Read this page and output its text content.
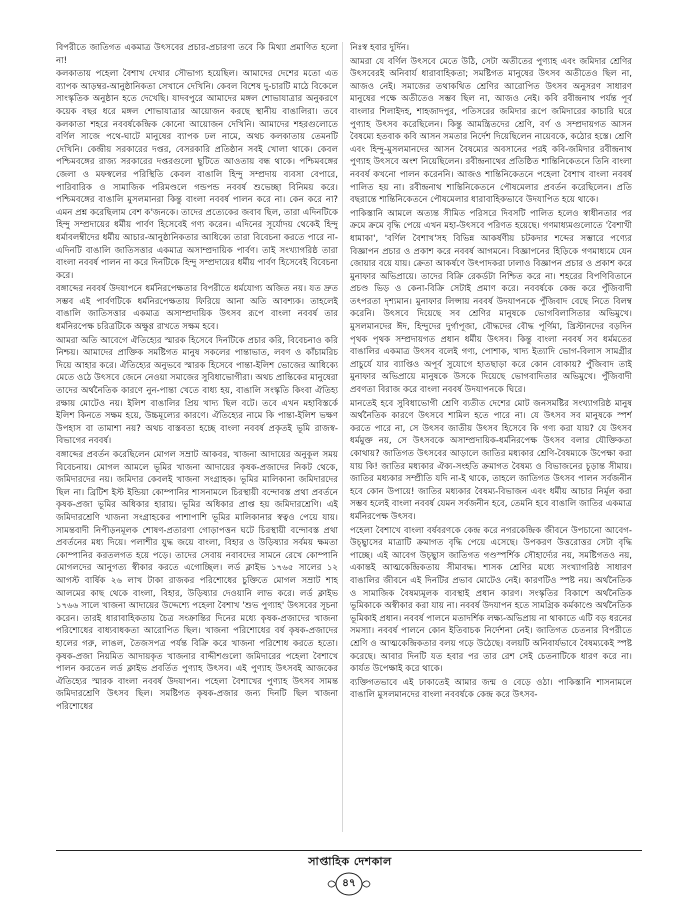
বিপরীতে জাতিগত একমাত্র উৎসবের প্রচার-প্রচারণা তবে কি মিথ্যা প্রমাণিত হলো না!

কলকাতায় পহেলা বৈশাখ দেখার সৌভাগ্য হয়েছিল। আমাদের দেশের মতো এত ব্যাপক আড়ম্বর-আনুষ্ঠানিকতা সেখানে দেখিনি। কেবল বিশেষ দু-চারটি মাঠে বিকেলে সাংস্কৃতিক অনুষ্ঠান হতে দেখেছি। যাদবপুরে আমাদের মঙ্গল শোভাযাত্রার অনুকরণে কয়েক বছর ধরে মঙ্গল শোভাযাত্রার আয়োজন করছে স্থানীয় বাঙালিরা। তবে কলকাতা শহরে নববর্ষকেন্দ্রিক কোনো আয়োজন দেখিনি। আমাদের শহরগুলোতে বর্ণিল সাজে পথে-ঘাটে মানুষের ব্যাপক ঢল নামে, অথচ কলকাতায় তেমনটি দেখিনি। কেন্দ্রীয় সরকারের দপ্তর, বেসরকারি প্রতিষ্ঠান সবই খোলা থাকে। কেবল পশ্চিমবঙ্গের রাজ্য সরকারের দপ্তরগুলো ছুটিতে আওতায় বন্ধ থাকে। পশ্চিমবঙ্গের জেলা ও মফস্বলের পরিস্থিতি কেবল বাঙালি হিন্দু সম্প্রদায় ব্যবসা বেপারে, পারিবারিক ও সামাজিক পরিমণ্ডলে গন্ডপন্ড নববর্ষ শুভেচ্ছা বিনিময় করে। পশ্চিমবঙ্গের বাঙালি মুসলমানরা কিন্তু বাংলা নববর্ষ পালন করে না। কেন করে না? এমন প্রশ্ন করেছিলাম বেশ ক'জনকে। তাদের প্রত্যেকের জবাব ছিল, তারা এদিনটিকে হিন্দু সম্প্রদায়ের ধর্মীয় পার্বণ হিসেবেই গণ্য করেন। এদিনের সূর্যোদয় থেকেই হিন্দু ধর্মাবলম্বীদের ধর্মীয় আচার-আনুষ্ঠানিকতার আধিক্যে তারা বিবেচনা করতে পারে না-এদিনটি বাঙালি জাতিসত্তার একমাত্র অসাম্প্রদায়িক পার্বণ। তাই সংখ্যাগরিষ্ঠ তারা বাংলা নববর্ষ পালন না করে দিনটিকে হিন্দু সম্প্রদায়ের ধর্মীয় পার্বণ হিসেবেই বিবেচনা করে।

বঙ্গাব্দের নববর্ষ উদযাপনে ধর্মনিরপেক্ষতার বিপরীতে ধর্মযোগ্য অজিত নয়। যত দ্রুত সম্ভব এই পার্বণটিকে ধর্মনিরপেক্ষতায় ফিরিয়ে আনা অতি আবশ্যক। তাহলেই বাঙালি জাতিসত্তার একমাত্র অসাম্প্রদায়িক উৎসব রূপে বাংলা নববর্ষ তার ধর্মনিরপেক্ষ চরিত্রটিকে অক্ষুণ্ণ রাখতে সক্ষম হবে।

আমরা অতি আবেগে ঐতিহ্যের স্মারক হিসেবে দিনটিকে প্রচার করি, বিবেচনাও করি নিশ্চয়। আমাদের প্রাক্তিক সমষ্টিগত মানুষ সকলের পান্তাভাত, লবণ ও কাঁচামরিচ দিয়ে আহার করে। ঐতিহ্যের অনুভবে স্মারক হিসেবে পান্তা-ইলিশ ভোজের আধিক্যে মেতে ওঠে উৎসবে জেনে নেওয়া সমাজের সুবিধাভোগীরা। অথচ প্রান্তিকের মানুষেরা তাদের অর্থনৈতিক কারণে নুন-পান্তা খেতে বাধ্য হয়, বাঙালি সংস্কৃতি কিংবা ঐতিহ্য রক্ষায় মোটেও নয়। ইলিশ বাঙালির প্রিয় খাদ্য ছিল বটে। তবে এখন মহাবিস্তর্কে ইলিশ কিনতে সক্ষম হয়ে, উচ্চমূল্যের কারণে। ঐতিহ্যের নামে কি পান্তা-ইলিশ ভক্ষণ উপহাস বা তামাশা নয়? অথচ বাস্তবতা হচ্ছে বাংলা নববর্ষ প্রকৃতই ভূমি রাজস্ব-বিভাগের নববর্ষ।

বঙ্গাব্দের প্রবর্তন করেছিলেন মোগল সম্রাট আকবর, খাজনা আদায়ের অনুকূল সময় বিবেচনায়। মোগল আমলে ভূমির খাজনা আদায়ের কৃষক-প্রজাদের নিকট থেকে, জমিদারদের নয়। জমিদার কেবলই খাজনা সংগ্রাহক। ভূমির মালিকানা জমিদারদের ছিল না। ব্রিটিশ ইস্ট ইন্ডিয়া কোম্পানির শাসনামলে চিরস্থায়ী বন্দোবস্ত প্রথা প্রবর্তনে কৃষক-প্রজা ভূমির অধিকার হারায়। ভূমির অধিকার প্রাপ্ত হয় জমিদারশ্রেণি। এই জমিদারশ্রেণি খাজনা সংগ্রাহকের পাশাপাশি ভূমির মালিকানার স্বত্বও পেয়ে যায়। সামন্তবাদী নিপীড়নমূলক শোষণ-প্রতারণা গোড়াপত্তন ঘটে চিরস্থায়ী বন্দোবস্ত প্রথা প্রবর্তনের মধ্য দিয়ে। পলাশীর যুদ্ধ জয়ে বাংলা, বিহার ও উড়িষ্যার সর্বময় ক্ষমতা কোম্পানির করতলগত হয়ে পড়ে। তাদের সেবায় নবাবদের সামনে রেখে কোম্পানি মোগলদের আনুগত্য স্বীকার করতে এগোচ্ছিল। লর্ড ক্লাইভ ১৭৬৫ সালের ১২ আগস্ট বার্ষিক ২৬ লাখ টাকা রাজকর পরিশোধের চুক্তিতে মোগল সম্রাট শাহ আলমের কাছ থেকে বাংলা, বিহার, উড়িষ্যার দেওয়ানি লাভ করে। লর্ড ক্লাইভ ১৭৬৬ সালে খাজনা আদায়ের উদ্দেশ্যে পহেলা বৈশাখ 'শুভ পুণ্যাহ' উৎসবের সূচনা করেন। তারই ধারাবাহিকতায় চৈত্র সংক্রান্তির দিনের মধ্যে কৃষক-প্রজাদের খাজনা পরিশোধের বাধ্যবাধকতা আরোপিত ছিল। খাজনা পরিশোধের বর্ষ কৃষক-প্রজাদের হালের গরু, লাঙল, তৈজসপত্র পর্যন্ত বিক্রি করে খাজনা পরিশোধ করতে হতো। কৃষক-প্রজা নিয়মিত আদায়কৃত খাজনার বাদ্দীশগুলো জমিদারের পহেলা বৈশাখে পালন করতেন লর্ড ক্লাইভ প্রবর্তিত পুণ্যাহ উৎসব। এই পুণ্যাহ উৎসবই আজকের ঐতিহ্যের স্মারক বাংলা নববর্ষ উদযাপন। পহেলা বৈশাখের পুণ্যাহ উৎসব সামন্ত জমিদারশ্রেণি উৎসব ছিল। সমষ্টিগত কৃষক-প্রজার জন্য দিনটি ছিল খাজনা পরিশোধের

নিঃস্ব হবার দুর্দিন।

আমরা যে বর্ণিল উৎসবে মেতে উঠি, সেটা অতীতের পুণ্যাহ এবং জমিদার শ্রেণির উৎসবেরই অনিবার্য ধারাবাহিকতা; সমষ্টিগত মানুষের উৎসব অতীতেও ছিল না, আজও নেই। সমাজের তথাকথিত শ্রেণির আরোপিত উৎসব অনুসরণ সাধারণ মানুষের পক্ষে অতীতেও সম্ভব ছিল না, আজও নেই। কবি রবীন্দ্রনাথ পর্যন্ত পূর্ব বাংলার শিলাইদহ, শাহজাদপুর, পতিসরের জমিদার রূপে জমিদারের কাচারি ঘরে পুণ্যাহ উৎসব করেছিলেন। কিন্তু আমন্ত্রিতদের শ্রেণি, বর্ণ ও সম্প্রদায়গত আসন বৈষম্যে হতবাক কবি আসন সমতার নির্দেশ দিয়েছিলেন নায়েবকে, কঠোর হস্তে। শ্রেণি এবং হিন্দু-মুসলমানদের আসন বৈষম্যের অবসানের পরই কবি-জমিদার রবীন্দ্রনাথ পুণ্যাহ উৎসবে অংশ নিয়েছিলেন। রবীন্দ্রনাথের প্রতিষ্ঠিত শান্তিনিকেতনে তিনি বাংলা নববর্ষ কখনো পালন করেননি। আজও শান্তিনিকেতনে পহেলা বৈশাখ বাংলা নববর্ষ পালিত হয় না। রবীন্দ্রনাথ শান্তিনিকেতনে পৌষমেলার প্রবর্তন করেছিলেন। প্রতি বছরান্তে শান্তিনিকেতনে পৌষমেলার ধারাবাহিকভাবে উদযাপিত হয়ে থাকে।

পাকিস্তানি আমলে অত্যন্ত সীমিত পরিসরে দিবসটি পালিত হলেও স্বাধীনতার পর ক্রমে ক্রমে বৃদ্ধি পেয়ে এখন মহা-উৎসবে পরিণত হয়েছে। গণমাধ্যমগুলোতে 'বৈশাখী ধামাকা', 'বর্ণিল বৈশাখ'সহ বিভিন্ন আকর্ষণীয় চটকদার শব্দের সম্ভারে পণ্যের বিজ্ঞাপন প্রচার ও প্রকাশ করে নববর্ষ আগমনে। বিজ্ঞাপনের হিড়িকে গণমাধ্যমে যেন জোয়ার বয়ে যায়। ক্রেতা আকর্ষণে উৎপাদকরা ঢালাও বিজ্ঞাপন প্রচার ও প্রকাশ করে মুনাফার অভিপ্রায়ে। তাদের বিক্রি রেকর্ডটা নিশ্চিত করে না। শহরের বিপণিবিতানে প্রচণ্ড ভিড় ও কেনা-বিক্রি সেটাই প্রমাণ করে। নববর্ষকে কেন্দ্র করে পুঁজিবাদী তৎপরতা দৃশ্যমান। মুনাফার লিপ্সায় নববর্ষ উদযাপনকে পুঁজিবাদ বেছে নিতে বিলম্ব করেনি। উৎসবে দিয়েছে সব শ্রেণির মানুষকে ভোগবিলাসিতার অভিমুখে। মুসলমানদের ঈদ, হিন্দুদের দুর্গাপূজা, বৌদ্ধদের বৌদ্ধ পূর্ণিমা, খ্রিস্টানদের বড়দিন পৃথক পৃথক সম্প্রদায়গত প্রধান ধর্মীয় উৎসব। কিন্তু বাংলা নববর্ষ সব ধর্মমতের বাঙালির একমাত্র উৎসব বলেই গণ্য, পোশাক, খাদ্য ইত্যাদি ভোগ-বিলাস সামগ্রীর প্রাচুর্যে যার ব্যাপ্তিও অপূর্ব সুযোগে হাতছাড়া করে কোন বোকায়? পুঁজিবাদ তাই মুনাফার অভিপ্রায়ে মানুষকে উসকে দিয়েছে ভোগবাদিতার অভিমুখে। পুঁজিবাদী প্রবণতা বিরাজ করে বাংলা নববর্ষ উদযাপনকে ঘিরে।

মানতেই হবে সুবিধাভোগী শ্রেণি ব্যতীত দেশের মোট জনসমষ্টির সংখ্যাগরিষ্ঠ মানুষ অর্থনৈতিক কারণে উৎসবে শামিল হতে পারে না। যে উৎসব সব মানুষকে স্পর্শ করতে পারে না, সে উৎসব জাতীয় উৎসব হিসেবে কি গণ্য করা যায়? যে উৎসব ধর্মমুক্ত নয়, সে উৎসবকে অসাম্প্রদায়িক-ধর্মনিরপেক্ষ উৎসব বলার যৌক্তিকতা কোথায়? জাতিগত উৎসবের আড়ালে জাতির মধ্যকার শ্রেণি-বৈষম্যকে উপেক্ষা করা যায় কি! জাতির মধ্যকার ঐক্য-সংহতি ক্রমাগত বৈষম্য ও বিভাজনের চূড়ান্ত সীমায়। জাতির মধ্যকার সম্প্রীতি যদি না-ই থাকে, তাহলে জাতিগত উৎসব পালন সর্বজনীন হবে কোন উপায়ে! জাতির মধ্যকার বৈষম্য-বিভাজন এবং ধর্মীয় আচার নির্মূল করা সম্ভব হলেই বাংলা নববর্ষ যেমন সর্বজনীন হবে, তেমনি হবে বাঙালি জাতির একমাত্র ধর্মনিরপেক্ষ উৎসব।

পহেলা বৈশাখে বাংলা বর্ষবরণকে কেন্দ্র করে নগরকেন্দ্রিক জীবনে উপচানো আবেগ-উচ্ছ্বাসের মাত্রাটি ক্রমাগত বৃদ্ধি পেয়ে এসেছে। উপকরণ উত্তরোত্তর সেটা বৃদ্ধি পাচ্ছে। এই আবেগ উচ্ছ্বাস জাতিগত গণ্ডস্পর্শিক সৌহার্দ্যের নয়, সমষ্টিগতও নয়, একান্তই আত্মকেন্দ্রিকতায় সীমাবদ্ধ। শাসক শ্রেণির মধ্যে সংখ্যাগরিষ্ঠ সাধারণ বাঙালির জীবনে এই দিনটির প্রভাব মোটেও নেই। কারণটিও স্পষ্ট নয়। অর্থনৈতিক ও সামাজিক বৈষম্যমূলক ব্যবস্থাই প্রধান কারণ। সংস্কৃতির বিকাশে অর্থনৈতিক ভূমিকাকে অস্বীকার করা যায় না। নববর্ষ উদযাপন হতে সামগ্রিক কর্মকাণ্ডে অর্থনৈতিক ভূমিকাই প্রধান। নববর্ষ পালনে মতাদর্শিক লক্ষ্য-অভিপ্রায় না থাকাতে এটি বড় ধরনের সমস্যা। নববর্ষ পালনে কোন ইতিবাচক নির্দেশনা নেই। জাতিগত চেতনার বিপরীতে শ্রেণি ও আত্মকেন্দ্রিকতার বলয় গড়ে উঠেছে। বলয়টি অনিবার্যভাবে বৈষম্যকেই স্পষ্ট করেছে। আবার দিনটি যত হবার পর তার রেশ সেই চেতনাটিকে ধারণ করে না। কার্যত উপেক্ষাই করে থাকে।

ব্যক্তিগতভাবে এই ঢাকাতেই আমার জন্ম ও বেড়ে ওঠা। পাকিস্তানি শাসনামলে বাঙালি মুসলমানদের বাংলা নববর্ষকে কেন্দ্র করে উৎসব-

সাপ্তাহিক দেশকাল
৪৭
